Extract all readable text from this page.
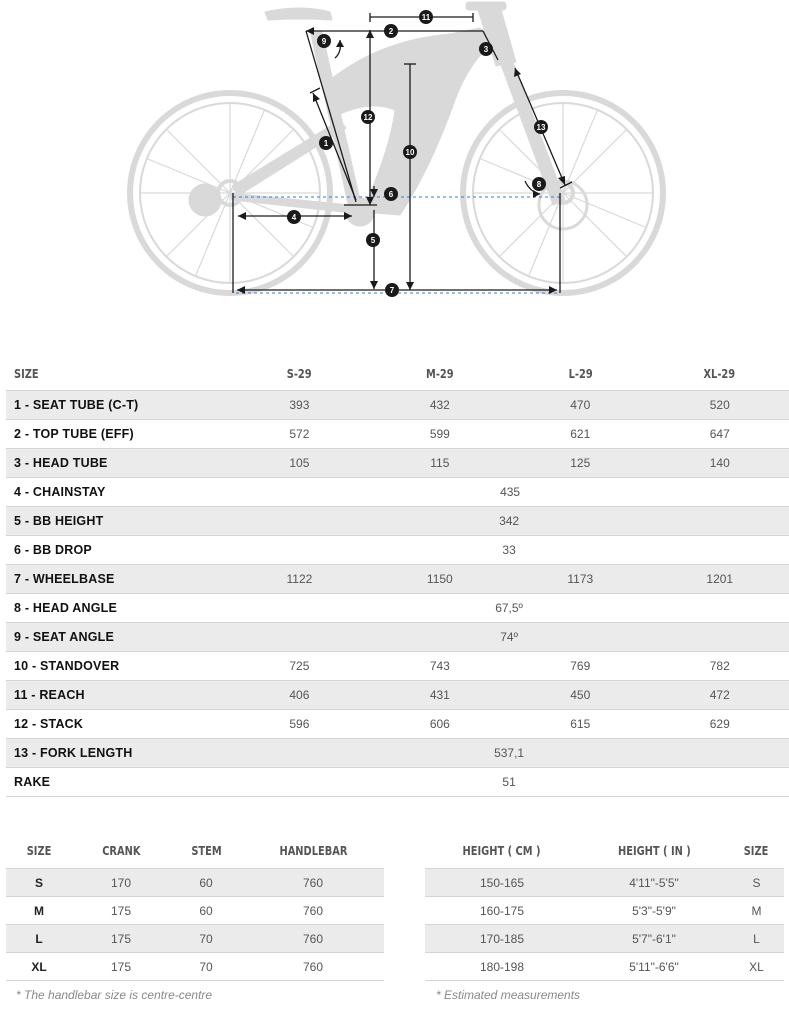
1
2
3
4
5
6
7
8
9
10
11
12
13
SIZE	S-29	M-29	L-29	XL-29
1 - SEAT TUBE (C-T)	393	432	470	520
2 - TOP TUBE (EFF)	572	599	621	647
3 - HEAD TUBE	105	115	125	140
4 - CHAINSTAY	435			
5 - BB HEIGHT	342			
6 - BB DROP	33			
7 - WHEELBASE	1122	1150	1173	1201
8 - HEAD ANGLE	67,5º			
9 - SEAT ANGLE	74º			
10 - STANDOVER	725	743	769	782
11 - REACH	406	431	450	472
12 - STACK	596	606	615	629
13 - FORK LENGTH	537,1			
RAKE	51			
SIZE	CRANK	STEM	HANDLEBAR
S	170	60	760
M	175	60	760
L	175	70	760
XL	175	70	760
HEIGHT ( CM )	HEIGHT ( IN )	SIZE
150-165	4'11"-5'5"	S
160-175	5'3"-5'9"	M
170-185	5'7"-6'1"	L
180-198	5'11"-6'6"	XL
* The handlebar size is centre-centre	* Estimated measurements
